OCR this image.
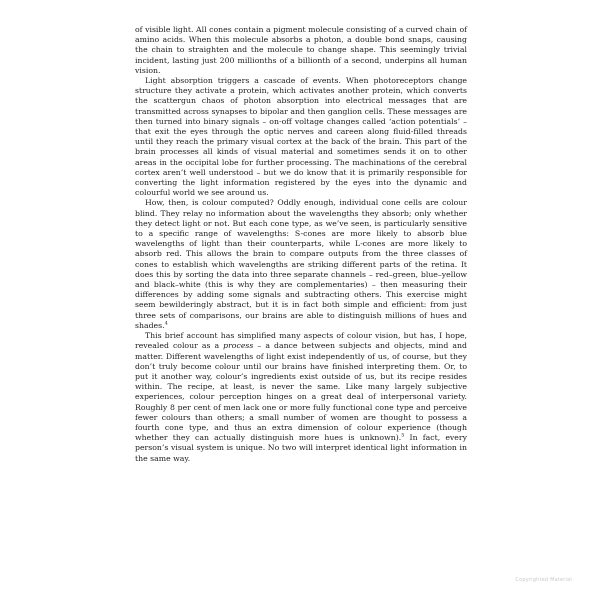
of visible light. All cones contain a pigment molecule consisting of a curved chain of amino acids. When this molecule absorbs a photon, a double bond snaps, causing the chain to straighten and the molecule to change shape. This seemingly trivial incident, lasting just 200 millionths of a billionth of a second, underpins all human vision.

Light absorption triggers a cascade of events. When photoreceptors change structure they activate a protein, which activates another protein, which converts the scattergun chaos of photon absorption into electrical messages that are transmitted across synapses to bipolar and then ganglion cells. These messages are then turned into binary signals – on-off voltage changes called ‘action potentials’ – that exit the eyes through the optic nerves and careen along fluid-filled threads until they reach the primary visual cortex at the back of the brain. This part of the brain processes all kinds of visual material and sometimes sends it on to other areas in the occipital lobe for further processing. The machinations of the cerebral cortex aren’t well understood – but we do know that it is primarily responsible for converting the light information registered by the eyes into the dynamic and colourful world we see around us.

How, then, is colour computed? Oddly enough, individual cone cells are colour blind. They relay no information about the wavelengths they absorb; only whether they detect light or not. But each cone type, as we’ve seen, is particularly sensitive to a specific range of wavelengths: S-cones are more likely to absorb blue wavelengths of light than their counterparts, while L-cones are more likely to absorb red. This allows the brain to compare outputs from the three classes of cones to establish which wavelengths are striking different parts of the retina. It does this by sorting the data into three separate channels – red–green, blue–yellow and black–white (this is why they are complementaries) – then measuring their differences by adding some signals and subtracting others. This exercise might seem bewilderingly abstract, but it is in fact both simple and efficient: from just three sets of comparisons, our brains are able to distinguish millions of hues and shades.$^4$

This brief account has simplified many aspects of colour vision, but has, I hope, revealed colour as a process – a dance between subjects and objects, mind and matter. Different wavelengths of light exist independently of us, of course, but they don’t truly become colour until our brains have finished interpreting them. Or, to put it another way, colour’s ingredients exist outside of us, but its recipe resides within. The recipe, at least, is never the same. Like many largely subjective experiences, colour perception hinges on a great deal of interpersonal variety. Roughly 8 per cent of men lack one or more fully functional cone type and perceive fewer colours than others; a small number of women are thought to possess a fourth cone type, and thus an extra dimension of colour experience (though whether they can actually distinguish more hues is unknown).$^5$ In fact, every person’s visual system is unique. No two will interpret identical light information in the same way.

Copyrighted Material
